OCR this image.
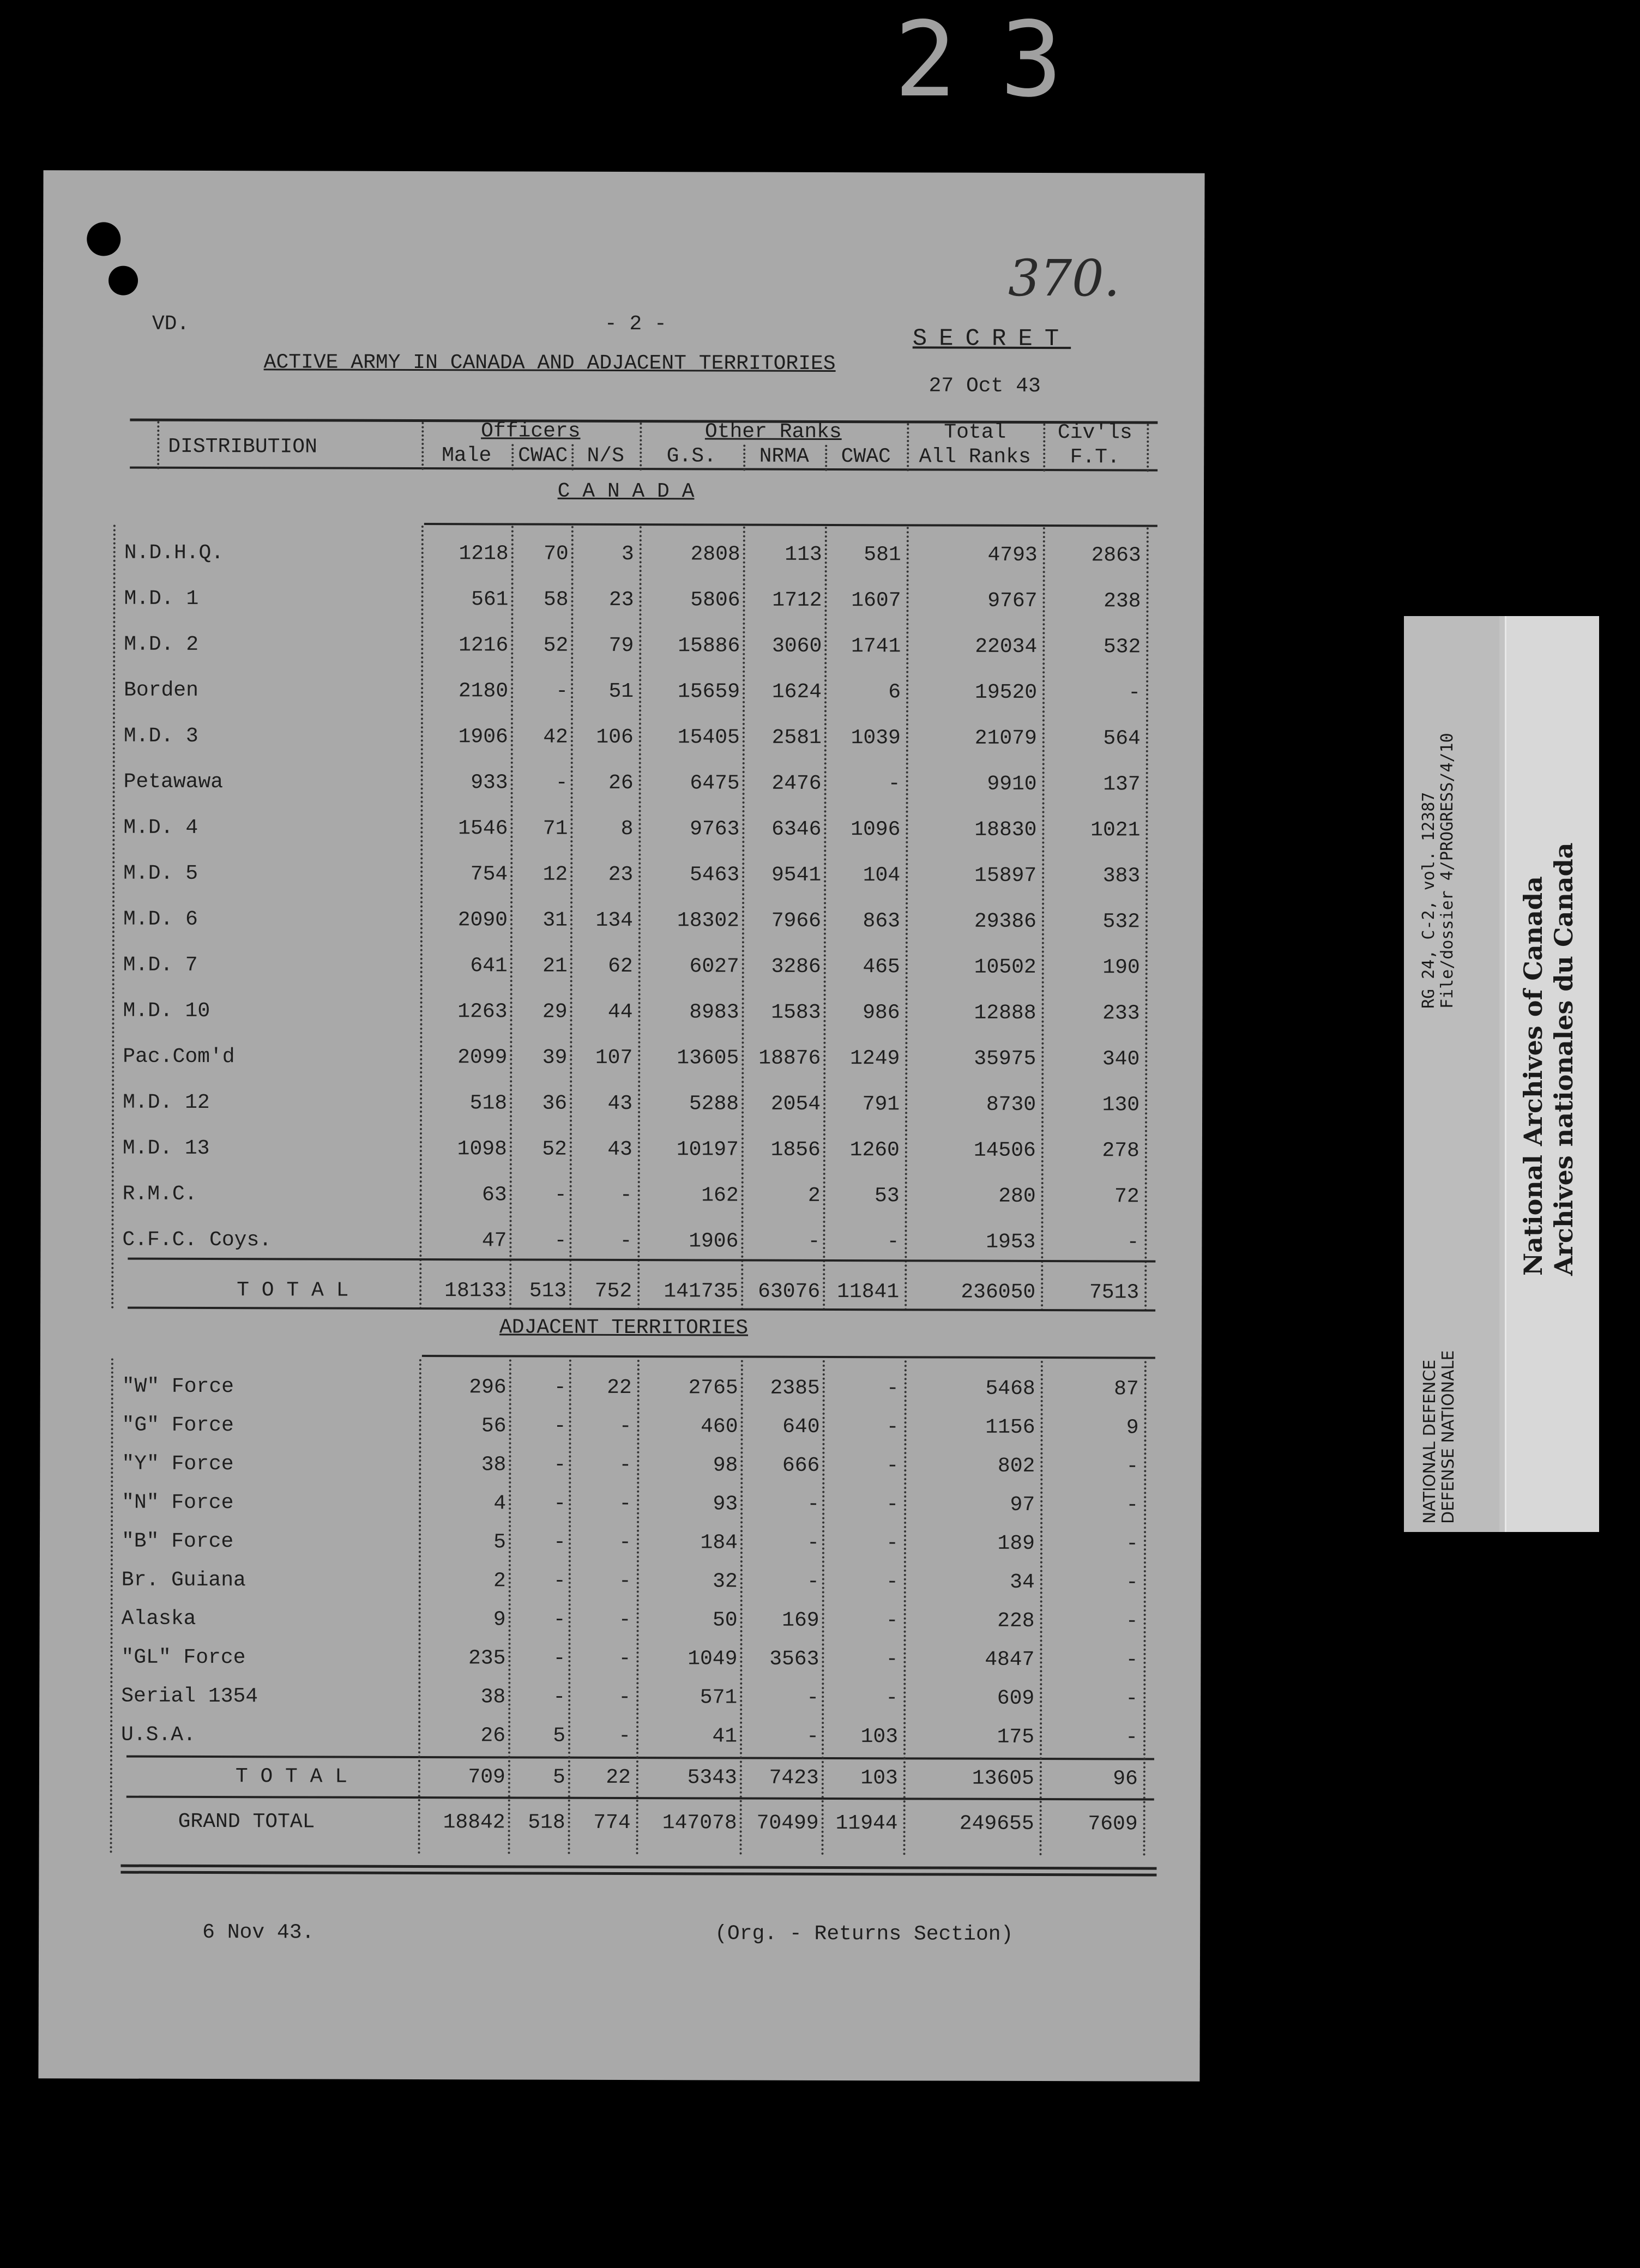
23
370.
VD.	- 2 -
ACTIVE ARMY IN CANADA AND ADJACENT TERRITORIES
SECRET
27 Oct 43
DISTRIBUTION
Officers	Other Ranks	Total	Civ'ls
Male	CWAC N/S	G.S.	NRMA	CWAC	All Ranks	F.T.
C A N A D A
N.D.H.Q.	1218	70	3	2808	113	581	4793	2863
M.D. 1	561	58	23	5806	1712	1607	9767	238
M.D. 2	1216	52	79	15886	3060	1741	22034	532
Borden	2180	-	51	15659	1624	6	19520	-
M.D. 3	1906	42	106	15405	2581	1039	21079	564
Petawawa	933	-	26	6475	2476	-	9910	137
M.D. 4	1546	71	8	9763	6346	1096	18830	1021
M.D. 5	754	12	23	5463	9541	104	15897	383
M.D. 6	2090	31	134	18302	7966	863	29386	532
M.D. 7	641	21	62	6027	3286	465	10502	190
M.D. 10	1263	29	44	8983	1583	986	12888	233
Pac.Com'd	2099	39	107	13605 18876	1249	35975	340
M.D. 12	518	36	43	5288	2054	791	8730	130
M.D. 13	1098	52	43	10197	1856	1260	14506	278
R.M.C.	63	-	-	162	2	53	280	72
C.F.C. Coys.	47	-	-	1906	-	-	1953	-
T O T A L	18133	513	752	141735 63076 11841	236050	7513
ADJACENT TERRITORIES
"W" Force	296	-	22	2765	2385	-	5468	87
"G" Force	56	-	-	460	640	-	1156	9
"Y" Force	38	-	-	98	666	-	802	-
"N" Force	4	-	-	93	-	-	97	-
"B" Force	5	-	-	184	-	-	189	-
Br. Guiana	2	-	-	32	-	-	34	-
Alaska	9	-	-	50	169	-	228	-
"GL" Force	235	-	-	1049	3563	-	4847	-
Serial 1354	38	-	-	571	-	-	609	-
U.S.A.	26	5	-	41	-	103	175	-
T O T A L	709	5	22	5343	7423	103	13605	96
GRAND TOTAL	18842	518	774	147078 70499 11944	249655	7609
6 Nov 43.	(Org. - Returns Section)
RG 24, C-2, vol. 12387 File/dossier 4/PROGRESS/4/10
NATIONAL DEFENCE DEFENSE NATIONALE
National Archives of Canada Archives nationales du Canada
